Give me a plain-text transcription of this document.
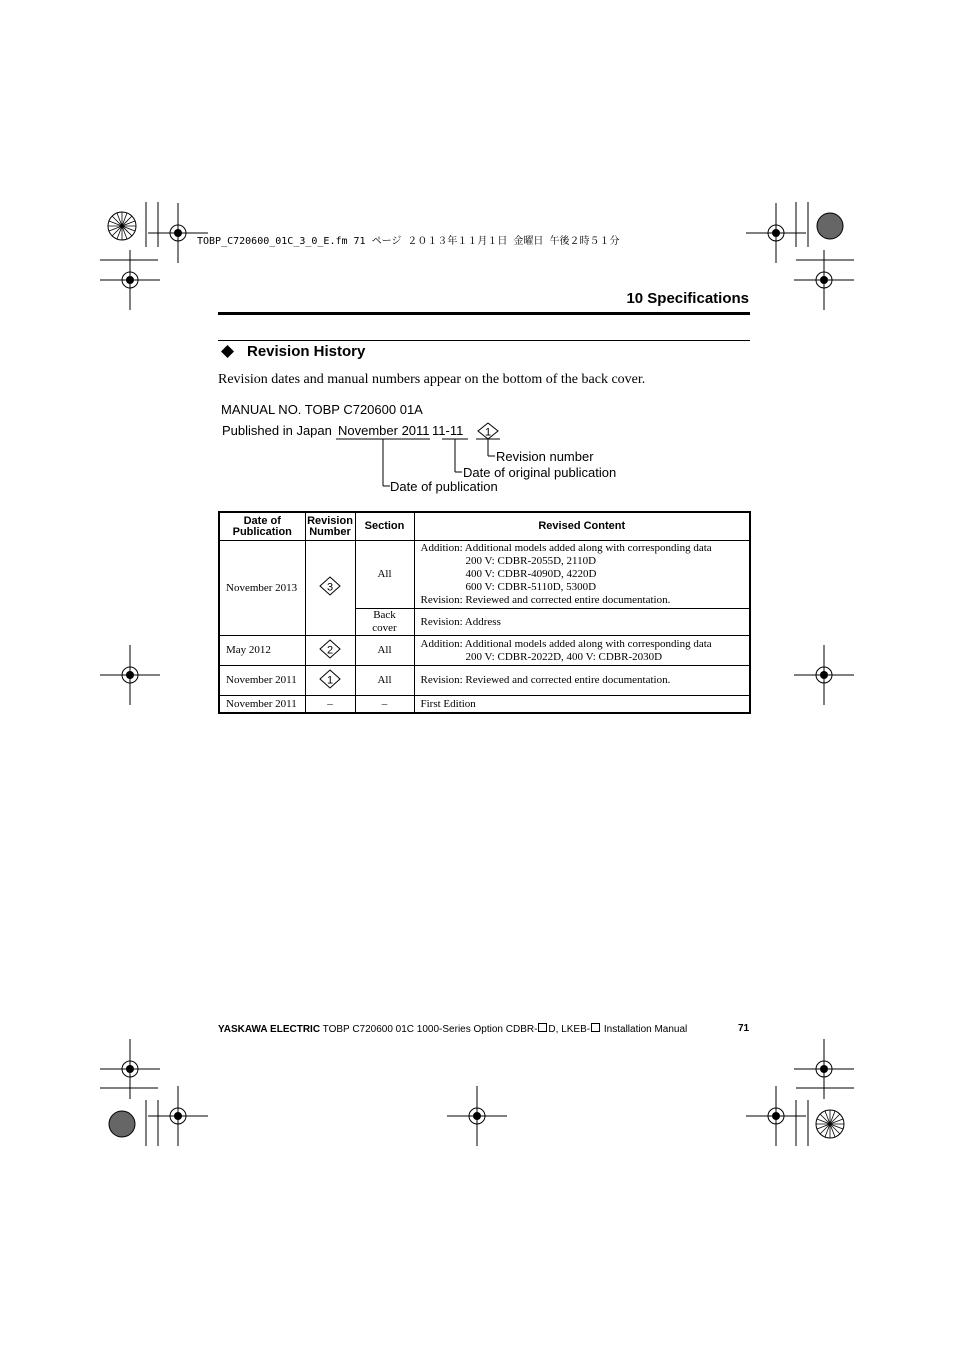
TOBP_C720600_01C_3_0_E.fm 71 ページ ２０１３年１１月１日 金曜日 午後２時５１分
10 Specifications
Revision History
Revision dates and manual numbers appear on the bottom of the back cover.
MANUAL NO. TOBP C720600 01A
Published in Japan November 2011 11-11 1
Revision number
Date of original publication
Date of publication
Date of Publication	Revision Number	Section	Revised Content
November 2013	3	All	Addition: Additional models added along with corresponding data
200 V: CDBR-2055D, 2110D
400 V: CDBR-4090D, 4220D
600 V: CDBR-5110D, 5300D
Revision: Reviewed and corrected entire documentation.

		Back cover	Revision: Address

May 2012	2	All	Addition: Additional models added along with corresponding data
200 V: CDBR-2022D, 400 V: CDBR-2030D

November 2011	1	All	Revision: Reviewed and corrected entire documentation.

November 2011	–	–	First Edition
YASKAWA ELECTRIC TOBP C720600 01C 1000-Series Option CDBR- D, LKEB- Installation Manual	71
